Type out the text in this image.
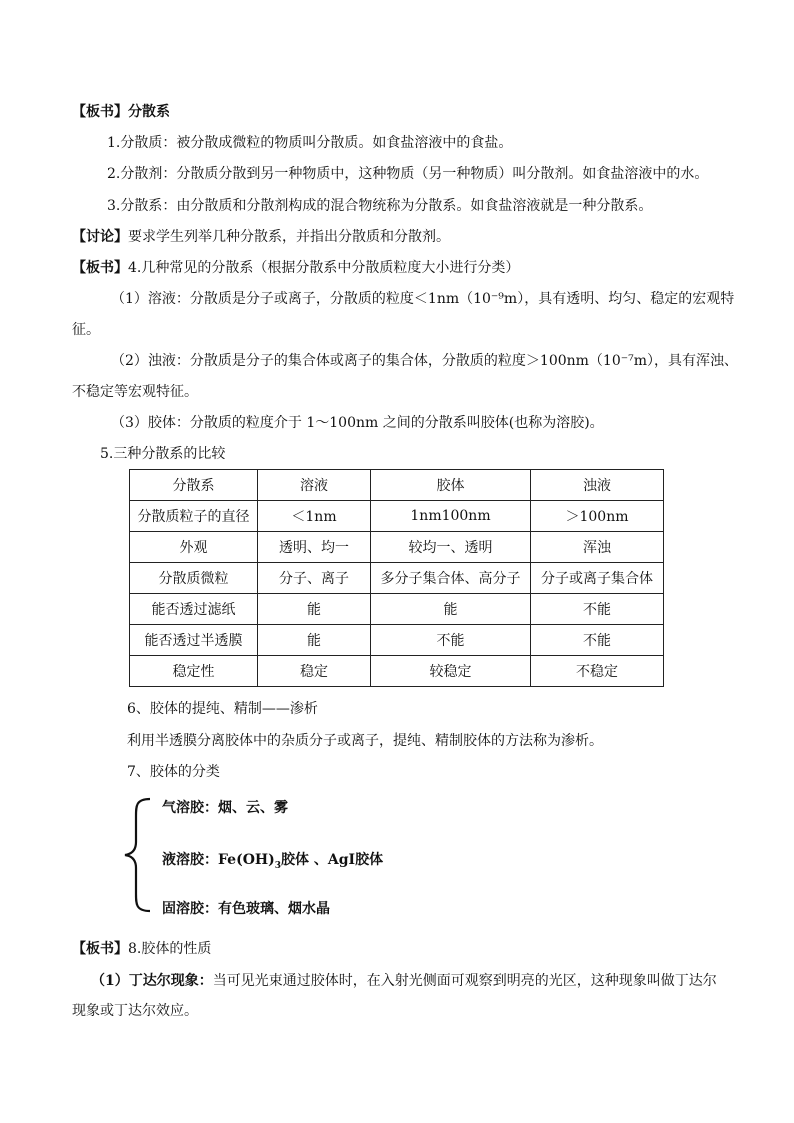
【板书】分散系
1.分散质：被分散成微粒的物质叫分散质。如食盐溶液中的食盐。
2.分散剂：分散质分散到另一种物质中，这种物质（另一种物质）叫分散剂。如食盐溶液中的水。
3.分散系：由分散质和分散剂构成的混合物统称为分散系。如食盐溶液就是一种分散系。
【讨论】要求学生列举几种分散系，并指出分散质和分散剂。
【板书】4.几种常见的分散系（根据分散系中分散质粒度大小进行分类）
（1）溶液：分散质是分子或离子，分散质的粒度＜1nm（10⁻⁹m），具有透明、均匀、稳定的宏观特
征。
（2）浊液：分散质是分子的集合体或离子的集合体，分散质的粒度＞100nm（10⁻⁷m），具有浑浊、
不稳定等宏观特征。
（3）胶体：分散质的粒度介于 1～100nm 之间的分散系叫胶体(也称为溶胶)。
5.三种分散系的比较
分散系	溶液	胶体	浊液
分散质粒子的直径	＜1nm	1nm100nm	＞100nm
外观	透明、均一	较均一、透明	浑浊
分散质微粒	分子、离子	多分子集合体、高分子	分子或离子集合体
能否透过滤纸	能	能	不能
能否透过半透膜	能	不能	不能
稳定性	稳定	较稳定	不稳定
6、胶体的提纯、精制——渗析
利用半透膜分离胶体中的杂质分子或离子，提纯、精制胶体的方法称为渗析。
7、胶体的分类
气溶胶：烟、云、雾
液溶胶：$Fe(OH)_3$胶体 、AgI胶体
固溶胶：有色玻璃、烟水晶
【板书】8.胶体的性质
（1）丁达尔现象：当可见光束通过胶体时，在入射光侧面可观察到明亮的光区，这种现象叫做丁达尔
现象或丁达尔效应。
